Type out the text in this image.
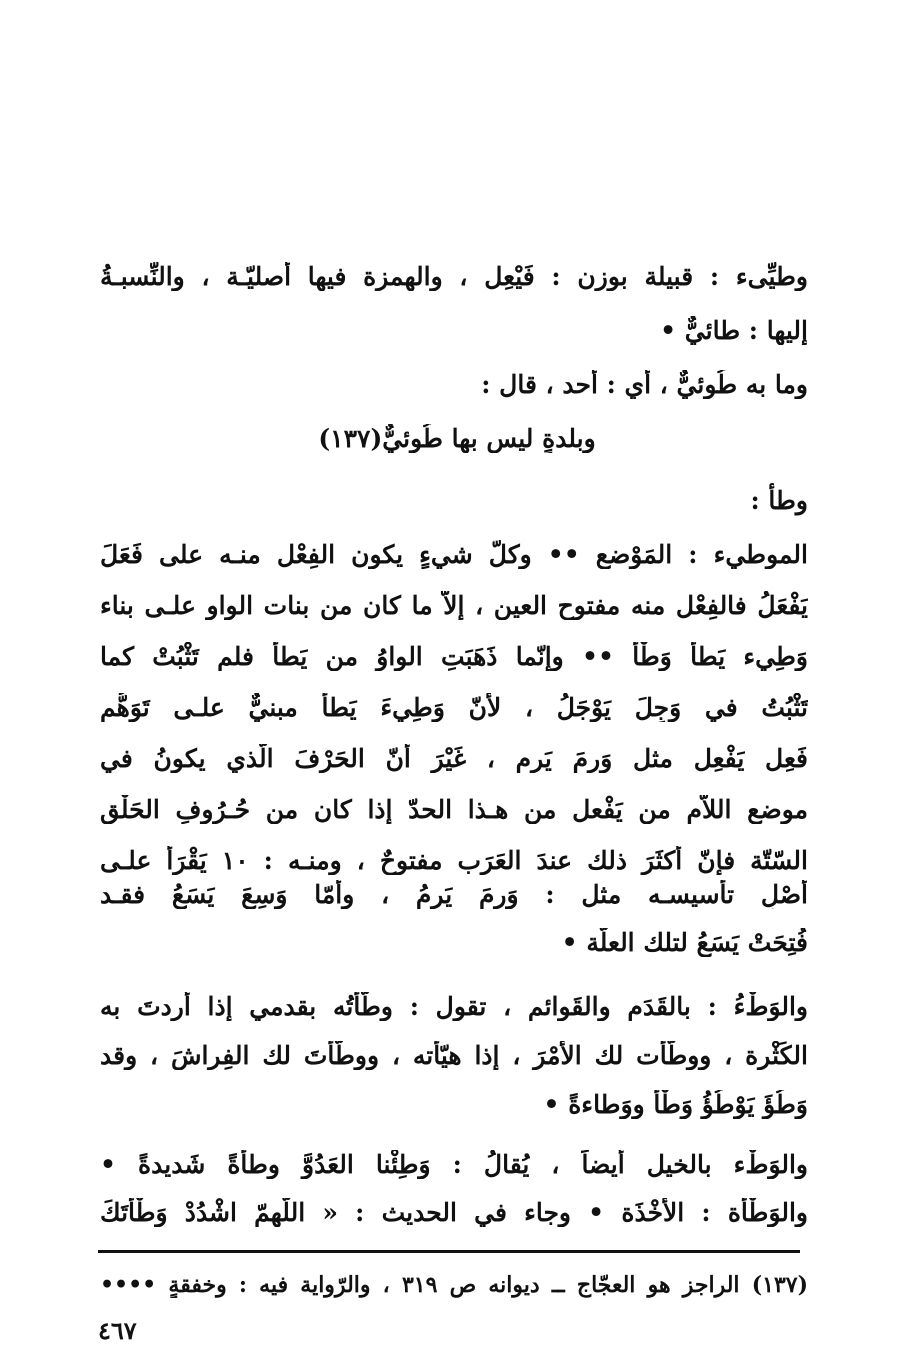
وطيِّىء : قبيلة بوزن : فَيْعِل ، والهمزة فيها أصليّـة ، والنِّسبـةُ
إليها : طائيٌّ •
وما به طُوئيٌّ ، أي : أحد ، قال :
وبلدةٍ ليس بها طُوئيٌّ(١٣٧)
وطأ :
الموطيء : المَوْضع •• وكلُّ شيءٍ يكون الفِعْل منـه على فَعَلَ
يَفْعَلُ فالفِعْل منه مفتوح العين ، إلاّ ما كان من بنات الواو علـى بناء
وَطِيء يَطأُ وَطْأً •• وإنّما ذَهَبَتِ الواوُ من يَطأُ فلم تَثْبُتْ كما
تَثْبُتُ في وَجِلَ يَوْجَلُ ، لأنّ وَطِيءَ يَطأُ مبنيٌّ علـى تَوَهُّم
فَعِل يَفْعِل مثل وَرِمَ يَرِم ، غَيْرَ أنّ الحَرْفَ الّذي يكونُ في
موضع اللاّم من يَفْعل من هـذا الحدّ إذا كان من حُـرُوفِ الحَلْق
السّتّة فإنّ أكثَرَ ذلك عندَ العَرَب مفتوحٌ ، ومنـه : ١٠ يَقْرَأ علـى
أَصْلِ تأسيسـه مثل : وَرِمَ يَرِمُ ، وأمّا وَسِعَ يَسَعُ فقـد
فُتِحَتْ يَسَعُ لتلك العلّة •
والوَطْءُ : بالقَدَمِ والقَوائم ، تقول : وطّأتُه بقدمي إذا أردتَ به
الكَثْرة ، ووطّأت لك الأَمْرَ ، إذا هيّأته ، ووطّأتَ لك الفِراشَ ، وقد
وَطُؤَ يَوْطُؤُ وَطْأً ووَطاءةً •
والوَطْء بالخيل أيضاً ، يُقالُ : وَطِئْنا العَدُوَّ وطأةً شَديدةً •
والوَطْأة : الأَخْذَة • وجاء في الحديث : « اللّهمّ اشْدُدْ وَطْأتَكَ
(١٣٧) الراجز هو العجّاج ــ ديوانه ص ٣١٩ ، والرّواية فيه : وخفقةٍ ••••
٤٦٧
